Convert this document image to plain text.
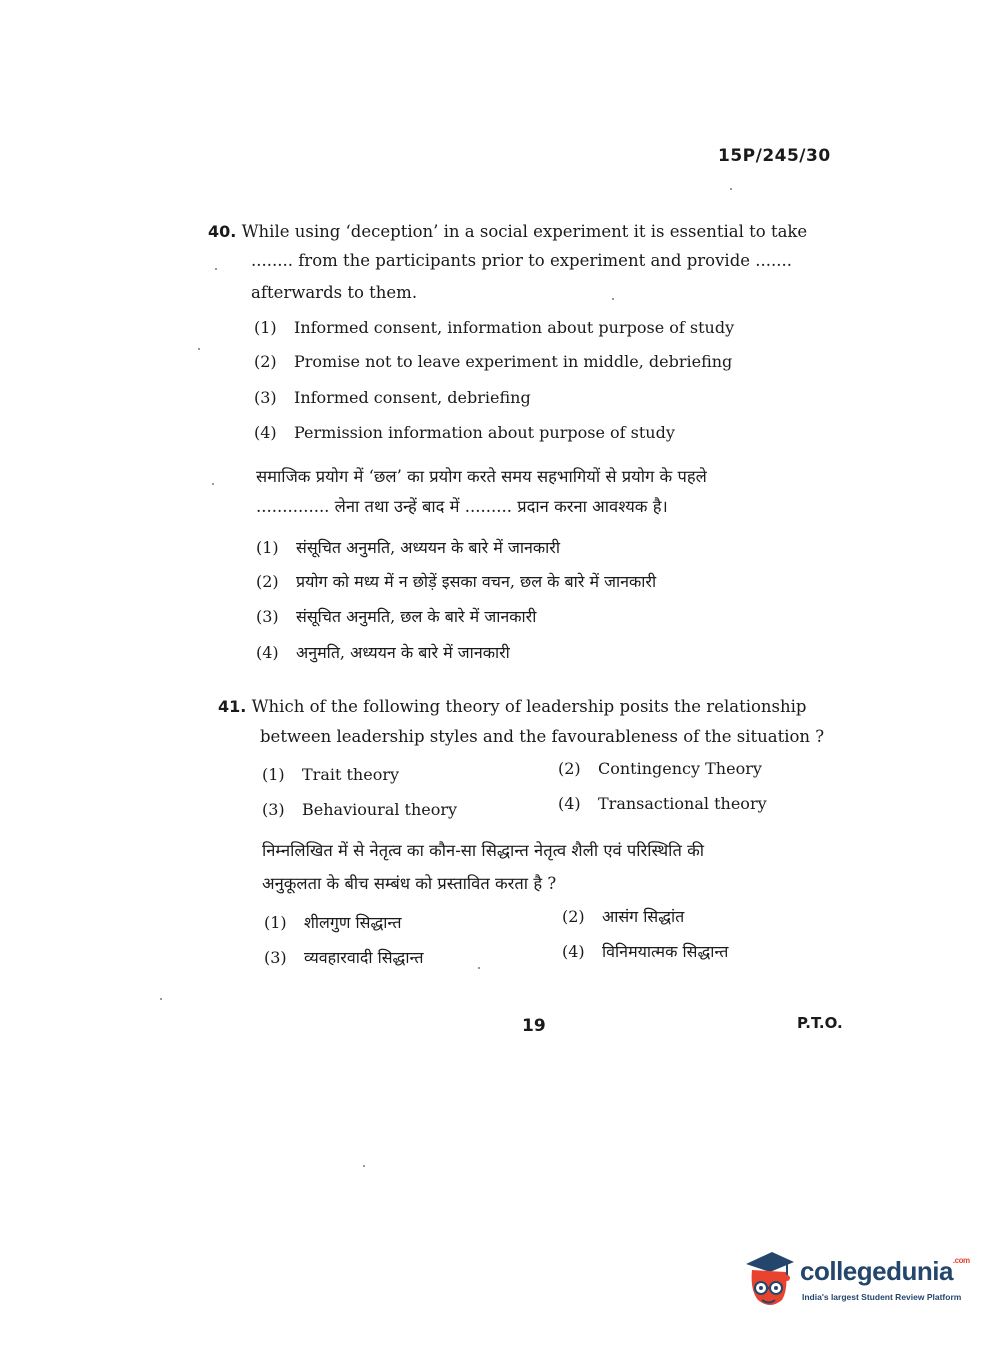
15P/245/30
40. While using ‘deception’ in a social experiment it is essential to take
........ from the participants prior to experiment and provide .......
afterwards to them.
(1) Informed consent, information about purpose of study
(2) Promise not to leave experiment in middle, debriefing
(3) Informed consent, debriefing
(4) Permission information about purpose of study
समाजिक प्रयोग में ‘छल’ का प्रयोग करते समय सहभागियों से प्रयोग के पहले
.............. लेना तथा उन्हें बाद में ......... प्रदान करना आवश्यक है।
(1) संसूचित अनुमति, अध्ययन के बारे में जानकारी
(2) प्रयोग को मध्य में न छोड़ें इसका वचन, छल के बारे में जानकारी
(3) संसूचित अनुमति, छल के बारे में जानकारी
(4) अनुमति, अध्ययन के बारे में जानकारी
41. Which of the following theory of leadership posits the relationship
between leadership styles and the favourableness of the situation ?
(1) Trait theory	(2) Contingency Theory
(3) Behavioural theory	(4) Transactional theory
निम्नलिखित में से नेतृत्व का कौन-सा सिद्धान्त नेतृत्व शैली एवं परिस्थिति की
अनुकूलता के बीच सम्बंध को प्रस्तावित करता है ?
(1) शीलगुण सिद्धान्त	(2) आसंग सिद्धांत
(3) व्यवहारवादी सिद्धान्त	(4) विनिमयात्मक सिद्धान्त
19	P.T.O.
collegedunia$^{.com}$
India's largest Student Review Platform
